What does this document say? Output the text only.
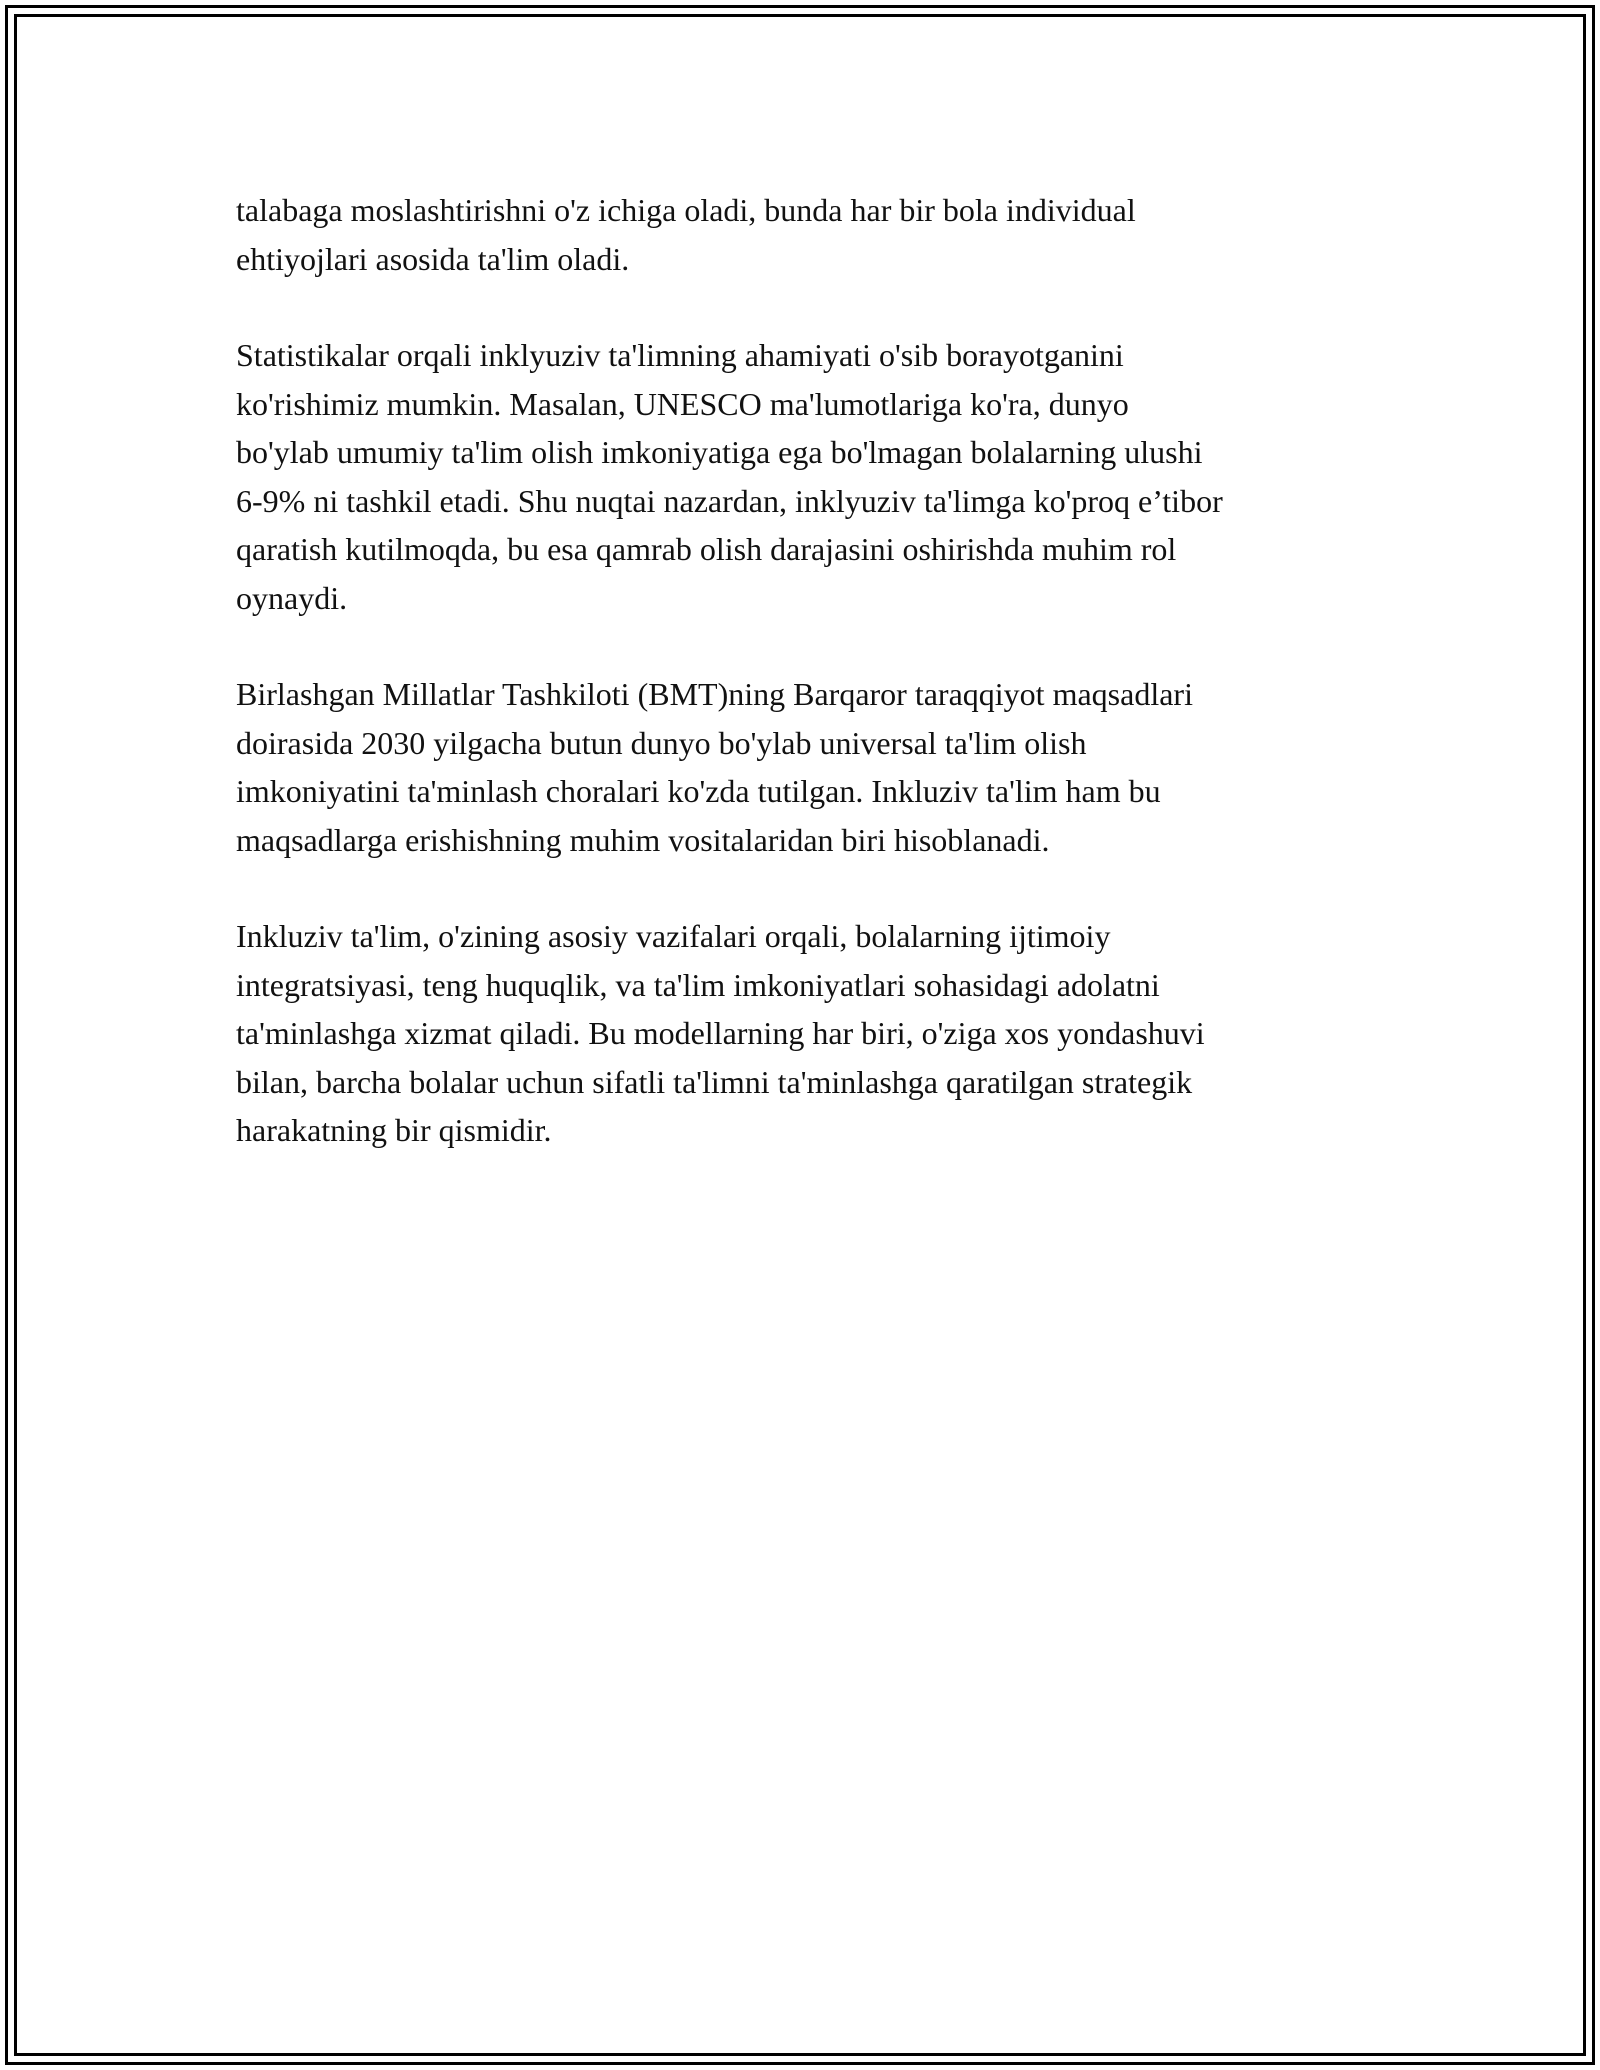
talabaga moslashtirishni o'z ichiga oladi, bunda har bir bola individual
ehtiyojlari asosida ta'lim oladi.

Statistikalar orqali inklyuziv ta'limning ahamiyati o'sib borayotganini
ko'rishimiz mumkin. Masalan, UNESCO ma'lumotlariga ko'ra, dunyo
bo'ylab umumiy ta'lim olish imkoniyatiga ega bo'lmagan bolalarning ulushi
6-9% ni tashkil etadi. Shu nuqtai nazardan, inklyuziv ta'limga ko'proq e’tibor
qaratish kutilmoqda, bu esa qamrab olish darajasini oshirishda muhim rol
oynaydi.

Birlashgan Millatlar Tashkiloti (BMT)ning Barqaror taraqqiyot maqsadlari
doirasida 2030 yilgacha butun dunyo bo'ylab universal ta'lim olish
imkoniyatini ta'minlash choralari ko'zda tutilgan. Inkluziv ta'lim ham bu
maqsadlarga erishishning muhim vositalaridan biri hisoblanadi.

Inkluziv ta'lim, o'zining asosiy vazifalari orqali, bolalarning ijtimoiy
integratsiyasi, teng huquqlik, va ta'lim imkoniyatlari sohasidagi adolatni
ta'minlashga xizmat qiladi. Bu modellarning har biri, o'ziga xos yondashuvi
bilan, barcha bolalar uchun sifatli ta'limni ta'minlashga qaratilgan strategik
harakatning bir qismidir.
